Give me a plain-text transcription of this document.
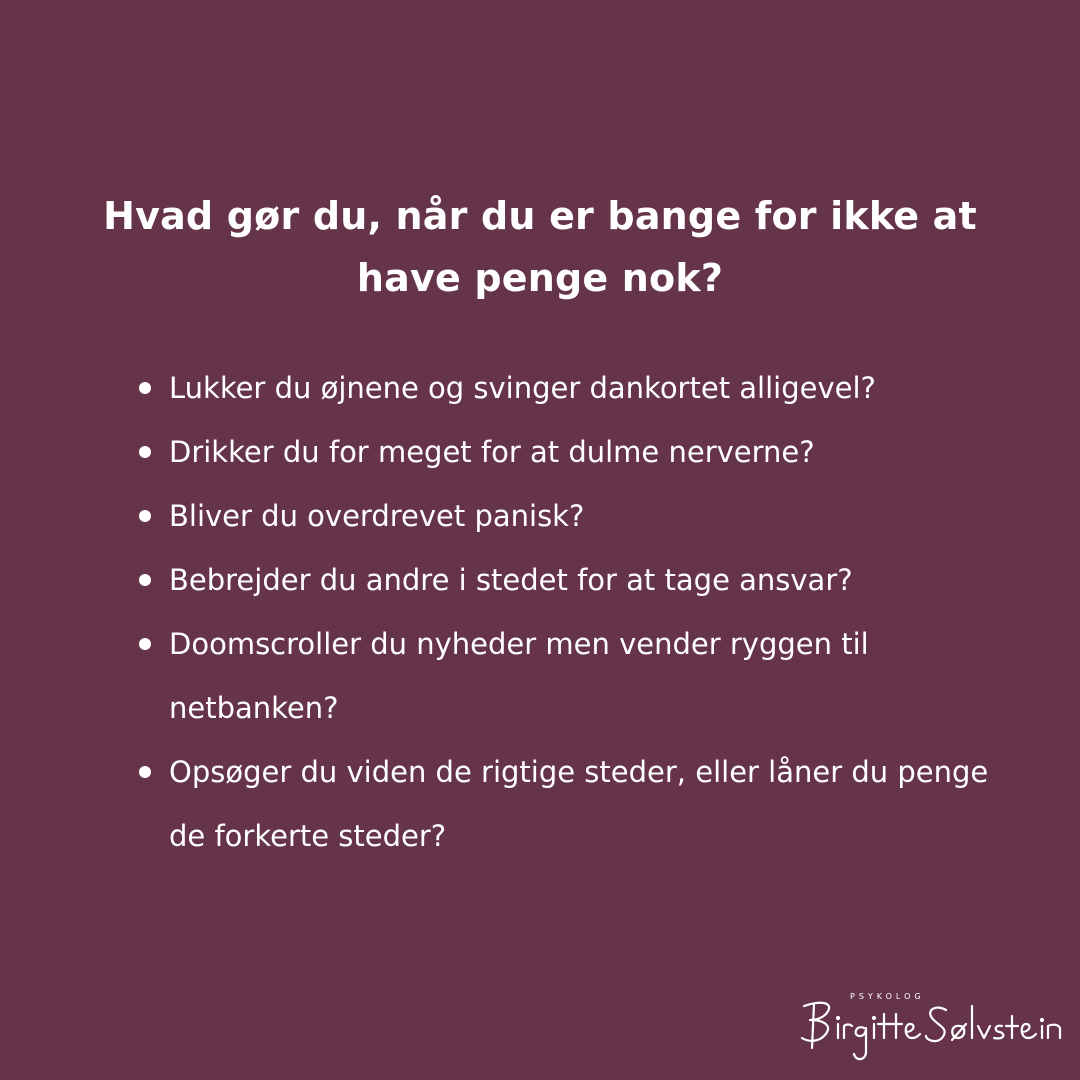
Hvad gør du, når du er bange for ikke at have penge nok?
Lukker du øjnene og svinger dankortet alligevel?
Drikker du for meget for at dulme nerverne?
Bliver du overdrevet panisk?
Bebrejder du andre i stedet for at tage ansvar?
Doomscroller du nyheder men vender ryggen til netbanken?
Opsøger du viden de rigtige steder, eller låner du penge de forkerte steder?
PSYKOLOG
